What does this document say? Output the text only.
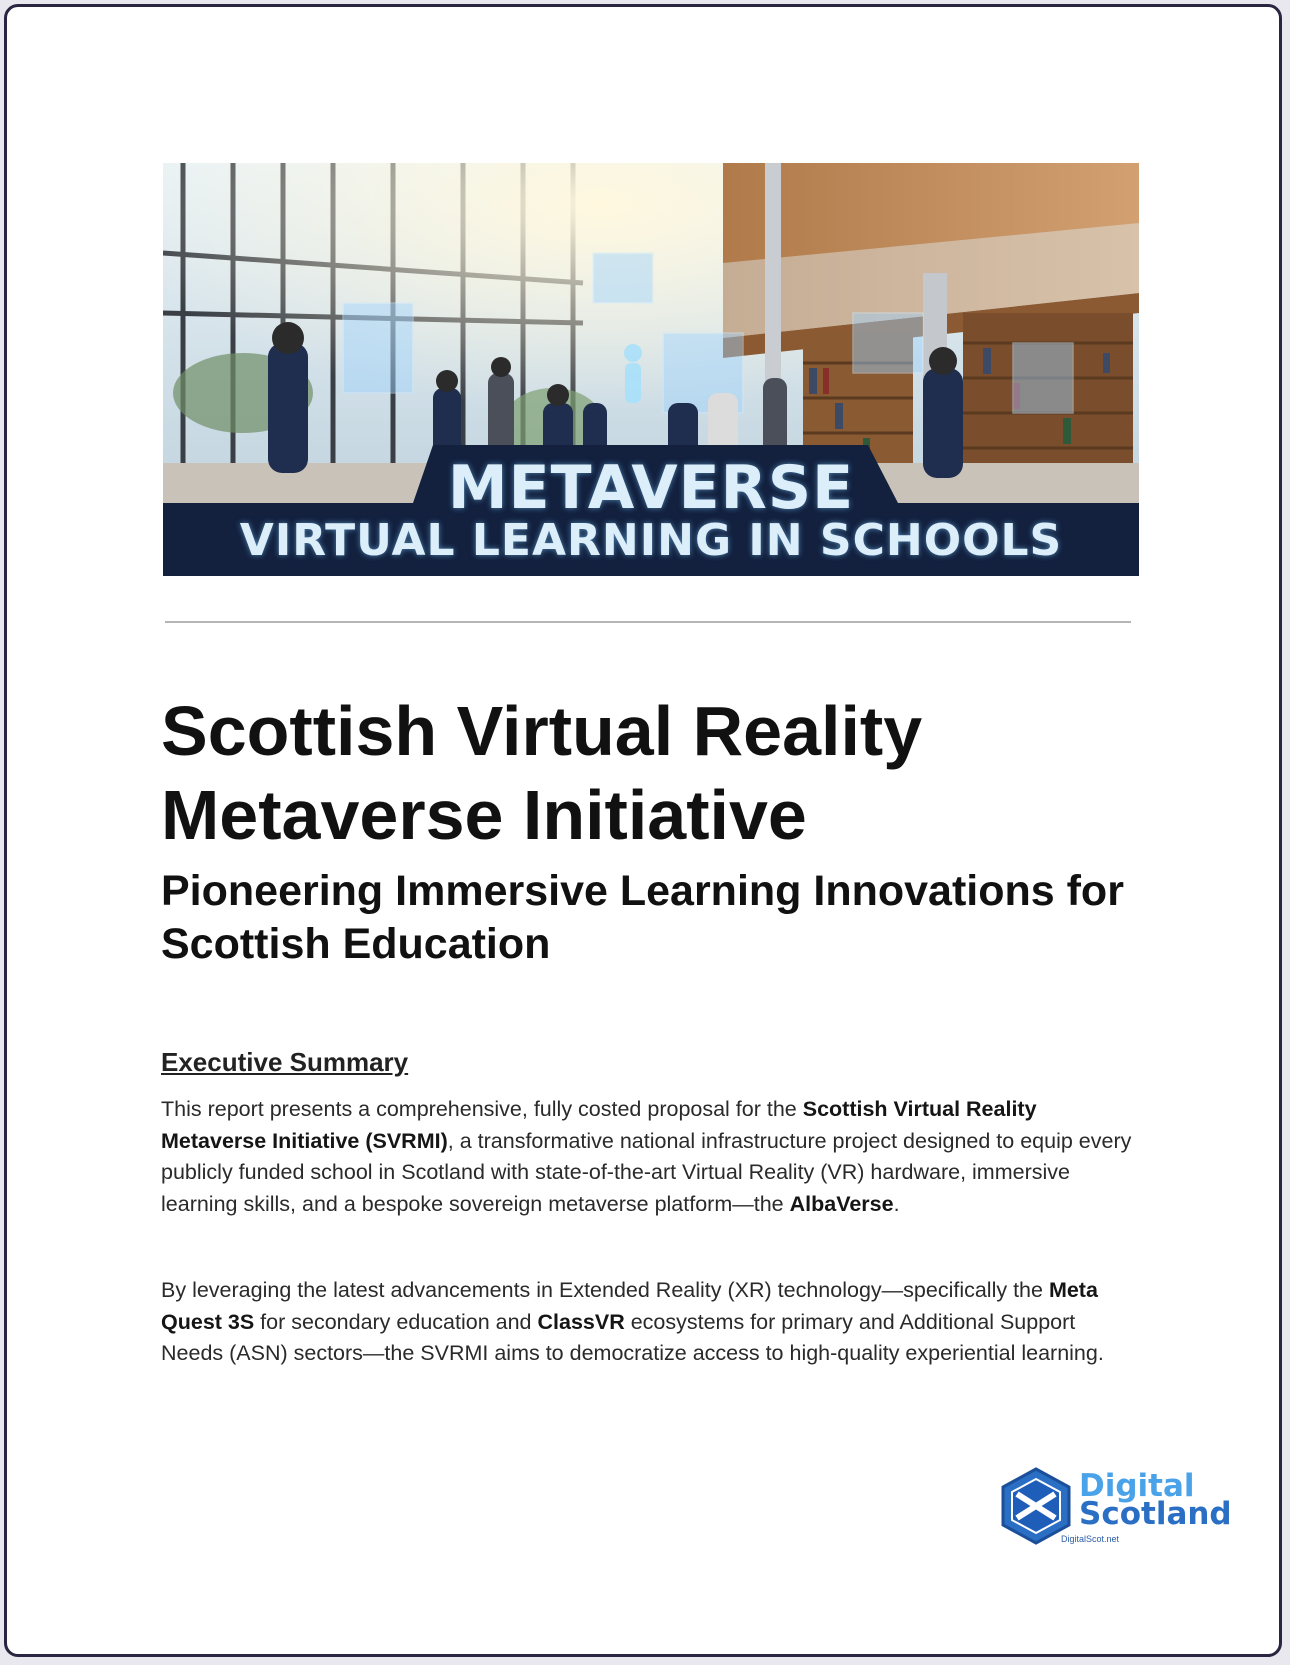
METAVERSE
VIRTUAL LEARNING IN SCHOOLS
Scottish Virtual Reality Metaverse Initiative
Pioneering Immersive Learning Innovations for Scottish Education
Executive Summary

This report presents a comprehensive, fully costed proposal for the Scottish Virtual Reality Metaverse Initiative (SVRMI), a transformative national infrastructure project designed to equip every publicly funded school in Scotland with state-of-the-art Virtual Reality (VR) hardware, immersive learning skills, and a bespoke sovereign metaverse platform—the AlbaVerse.

By leveraging the latest advancements in Extended Reality (XR) technology—specifically the Meta Quest 3S for secondary education and ClassVR ecosystems for primary and Additional Support Needs (ASN) sectors—the SVRMI aims to democratize access to high-quality experiential learning.

Digital
Scotland
DigitalScot.net
